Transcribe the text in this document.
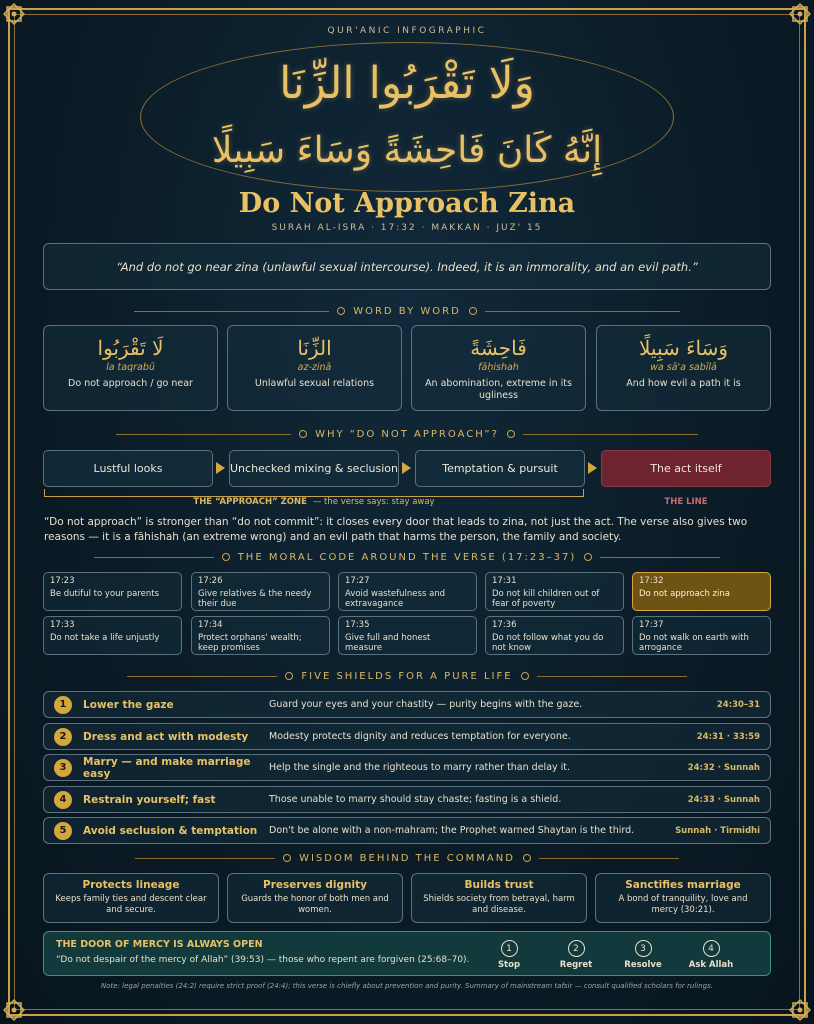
QUR'ANIC INFOGRAPHIC
وَلَا تَقْرَبُوا الزِّنَا
إِنَّهُ كَانَ فَاحِشَةً وَسَاءَ سَبِيلًا
Do Not Approach Zina
SURAH AL-ISRA · 17:32 · MAKKAN · JUZ' 15
“And do not go near zina (unlawful sexual intercourse). Indeed, it is an immorality, and an evil path.”
WORD BY WORD
لَا تَقْرَبُوا
la taqrabū
Do not approach / go near
الزِّنَا
az-zinā
Unlawful sexual relations
فَاحِشَةً
fāḥishah
An abomination, extreme in its ugliness
وَسَاءَ سَبِيلًا
wa sā'a sabīlā
And how evil a path it is
WHY “DO NOT APPROACH”?
Lustful looks	Unchecked mixing & seclusion	Temptation & pursuit	The act itself
THE “APPROACH” ZONE — the verse says: stay away	THE LINE
“Do not approach” is stronger than “do not commit”: it closes every door that leads to zina, not just the act. The verse also gives two reasons — it is a fāhishah (an extreme wrong) and an evil path that harms the person, the family and society.
THE MORAL CODE AROUND THE VERSE (17:23–37)
17:23
Be dutiful to your parents
17:26
Give relatives & the needy their due
17:27
Avoid wastefulness and extravagance
17:31
Do not kill children out of fear of poverty
17:32
Do not approach zina
17:33
Do not take a life unjustly
17:34
Protect orphans' wealth; keep promises
17:35
Give full and honest measure
17:36
Do not follow what you do not know
17:37
Do not walk on earth with arrogance
FIVE SHIELDS FOR A PURE LIFE
1	Lower the gaze	Guard your eyes and your chastity — purity begins with the gaze.	24:30–31
2	Dress and act with modesty	Modesty protects dignity and reduces temptation for everyone.	24:31 · 33:59
3	Marry — and make marriage easy	Help the single and the righteous to marry rather than delay it.	24:32 · Sunnah
4	Restrain yourself; fast	Those unable to marry should stay chaste; fasting is a shield.	24:33 · Sunnah
5	Avoid seclusion & temptation	Don't be alone with a non-mahram; the Prophet warned Shaytan is the third.	Sunnah · Tirmidhi
WISDOM BEHIND THE COMMAND
Protects lineage
Keeps family ties and descent clear and secure.
Preserves dignity
Guards the honor of both men and women.
Builds trust
Shields society from betrayal, harm and disease.
Sanctifies marriage
A bond of tranquility, love and mercy (30:21).
THE DOOR OF MERCY IS ALWAYS OPEN
“Do not despair of the mercy of Allah” (39:53) — those who repent are forgiven (25:68–70).
1
Stop
2
Regret
3
Resolve
4
Ask Allah
Note: legal penalties (24:2) require strict proof (24:4); this verse is chiefly about prevention and purity. Summary of mainstream tafsir — consult qualified scholars for rulings.
